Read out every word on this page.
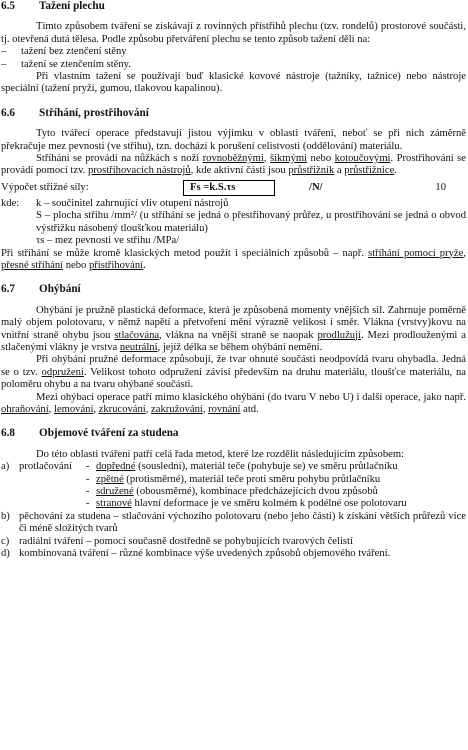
6.5	Tažení plechu

Tímto způsobem tváření se získávají z rovinných přístřihů plechu (tzv. rondelů) prostorové součásti, tj. otevřená dutá tělesa. Podle způsobu přetváření plechu se tento způsob tažení dělí na:

–	tažení bez ztenčení stěny
–	tažení se ztenčením stěny.

Při vlastním tažení se používají buď klasické kovové nástroje (tažníky, tažnice) nebo nástroje speciální (tažení pryží, gumou, tlakovou kapalinou).

6.6	Stříhání, prostřihování

Tyto tvářecí operace představují jistou výjimku v oblasti tváření, neboť se při nich záměrně překračuje mez pevnosti (ve střihu), tzn. dochází k porušení celistvosti (oddělování) materiálu.

Stříhání se provádí na nůžkách s noži rovnoběžnými, šikmými nebo kotoučovými. Prostřihování se provádí pomocí tzv. prostřihovacích nástrojů, kde aktivní části jsou průstřižník a průstřižnice.

Výpočet střižné síly:	Fs =k.S.τs	/N/	10
kde:	k – součinitel zahrnující vliv otupení nástrojů
S – plocha střihu /mm²/ (u stříhání se jedná o přestřihovaný průřez, u prostřihování se jedná o obvod výstřižku násobený tloušťkou materiálu)
τs – mez pevnosti ve střihu /MPa/

Při stříhání se může kromě klasických metod použít i speciálních způsobů – např. stříhání pomocí pryže, přesné stříhání nebo přistřihování.

6.7	Ohýbání

Ohýbání je pružně plastická deformace, která je způsobená momenty vnějších sil. Zahrnuje poměrně malý objem polotovaru, v němž napětí a přetvoření mění výrazně velikost i směr. Vlákna (vrstvy)kovu na vnitřní straně ohybu jsou stlačována, vlákna na vnější straně se naopak prodlužují. Mezi prodlouženými a stlačenými vlákny je vrstva neutrální, jejíž délka se během ohýbání nemění.

Při ohýbání pružné deformace způsobují, že tvar ohnuté součásti neodpovídá tvaru ohybadla. Jedná se o tzv. odpružení. Velikost tohoto odpružení závisí především na druhu materiálu, tloušťce materiálu, na poloměru ohybu a na tvaru ohýbané součásti.

Mezi ohýbací operace patří mimo klasického ohýbání (do tvaru V nebo U) i další operace, jako např. ohraňování, lemování, zkrucování, zakružování, rovnání atd.

6.8	Objemové tváření za studena

Do této oblasti tváření patří celá řada metod, které lze rozdělit následujícím způsobem:

a) protlačování	- dopředné (souslední), materiál teče (pohybuje se) ve směru průtlačníku
- zpětné (protisměrné), materiál teče proti směru pohybu průtlačníku
- sdružené (obousměrné), kombinace předcházejících dvou způsobů
- stranové hlavní deformace je ve směru kolmém k podélné ose polotovaru
b) pěchování za studena – stlačování výchozího polotovaru (nebo jeho části) k získání větších průřezů více či méně složitých tvarů
c) radiální tváření – pomocí současně dostředně se pohybujících tvarových čelistí
d) kombinovaná tváření – různé kombinace výše uvedených způsobů objemového tváření.
